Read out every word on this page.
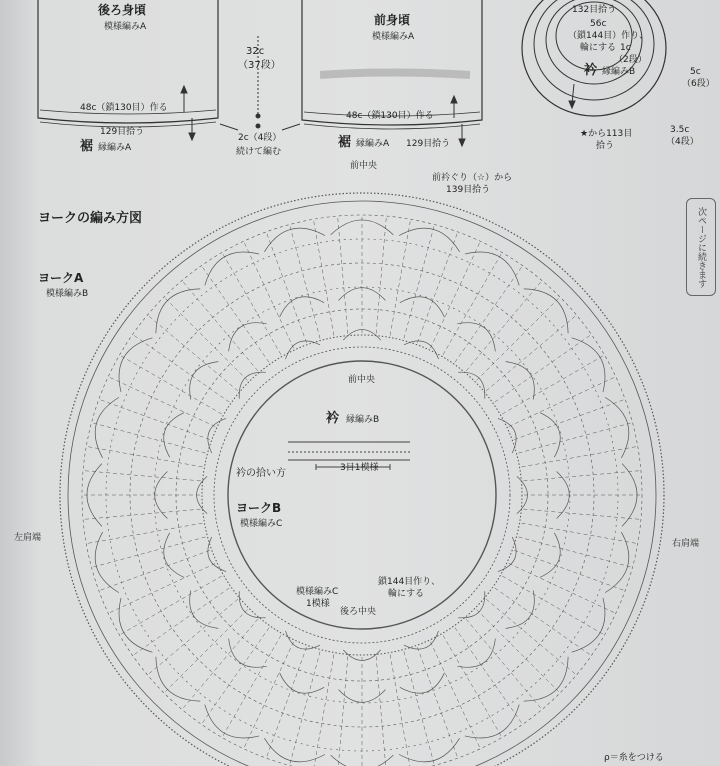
後ろ身頃
模様編みA
48c（鎖130目）作る
129目拾う
裾 縁編みA
32c
（37段）
2c（4段）
続けて編む
前身頃
模様編みA
48c（鎖130目）作る
129目拾う
裾 縁編みA
132目拾う
56c
（鎖144目）作り、
輪にする 1c
（2段）
衿 縁編みB	5c
（6段）
3.5c
（4段）
★から113目
拾う
前中央
前衿ぐり（☆）から
139目拾う
ヨークの編み方図
ヨークA
模様編みB
前中央
衿 縁編みB
3目1模様
衿の拾い方
ヨークB
模様編みC
左肩端
右肩端
模様編みC
1模様
鎖144目作り、
輪にする
後ろ中央
ρ＝糸をつける
次ページに続きます
